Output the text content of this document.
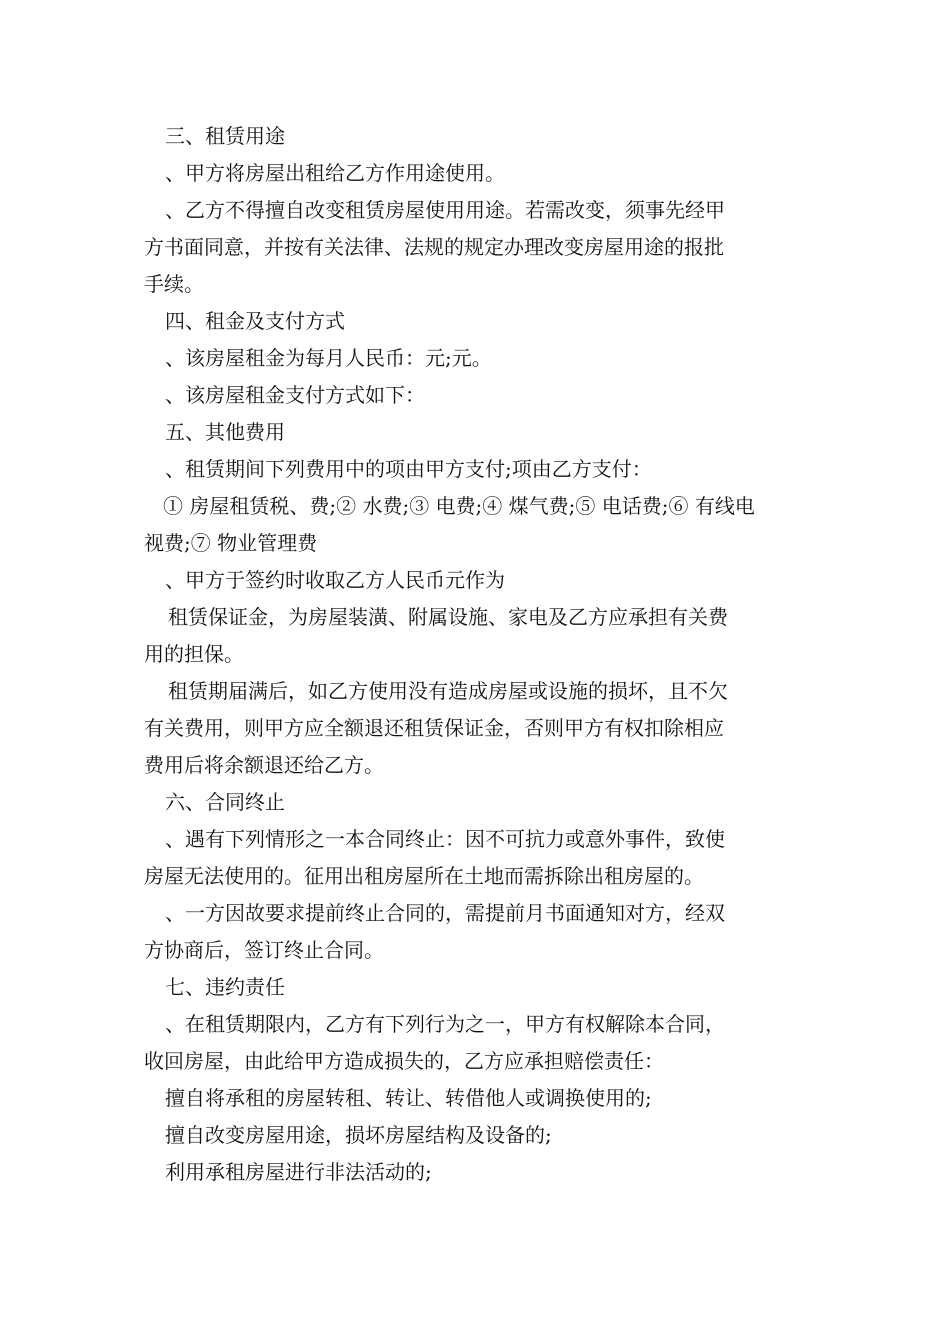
三、租赁用途
、甲方将房屋出租给乙方作用途使用。
、乙方不得擅自改变租赁房屋使用用途。若需改变，须事先经甲
方书面同意，并按有关法律、法规的规定办理改变房屋用途的报批
手续。
四、租金及支付方式
、该房屋租金为每月人民币：元;元。
、该房屋租金支付方式如下：
五、其他费用
、租赁期间下列费用中的项由甲方支付;项由乙方支付：
① 房屋租赁税、费;② 水费;③ 电费;④ 煤气费;⑤ 电话费;⑥ 有线电
视费;⑦ 物业管理费
、甲方于签约时收取乙方人民币元作为
租赁保证金，为房屋装潢、附属设施、家电及乙方应承担有关费
用的担保。
租赁期届满后，如乙方使用没有造成房屋或设施的损坏，且不欠
有关费用，则甲方应全额退还租赁保证金，否则甲方有权扣除相应
费用后将余额退还给乙方。
六、合同终止
、遇有下列情形之一本合同终止：因不可抗力或意外事件，致使
房屋无法使用的。征用出租房屋所在土地而需拆除出租房屋的。
、一方因故要求提前终止合同的，需提前月书面通知对方，经双
方协商后，签订终止合同。
七、违约责任
、在租赁期限内，乙方有下列行为之一，甲方有权解除本合同，
收回房屋，由此给甲方造成损失的，乙方应承担赔偿责任：
擅自将承租的房屋转租、转让、转借他人或调换使用的;
擅自改变房屋用途，损坏房屋结构及设备的;
利用承租房屋进行非法活动的;
